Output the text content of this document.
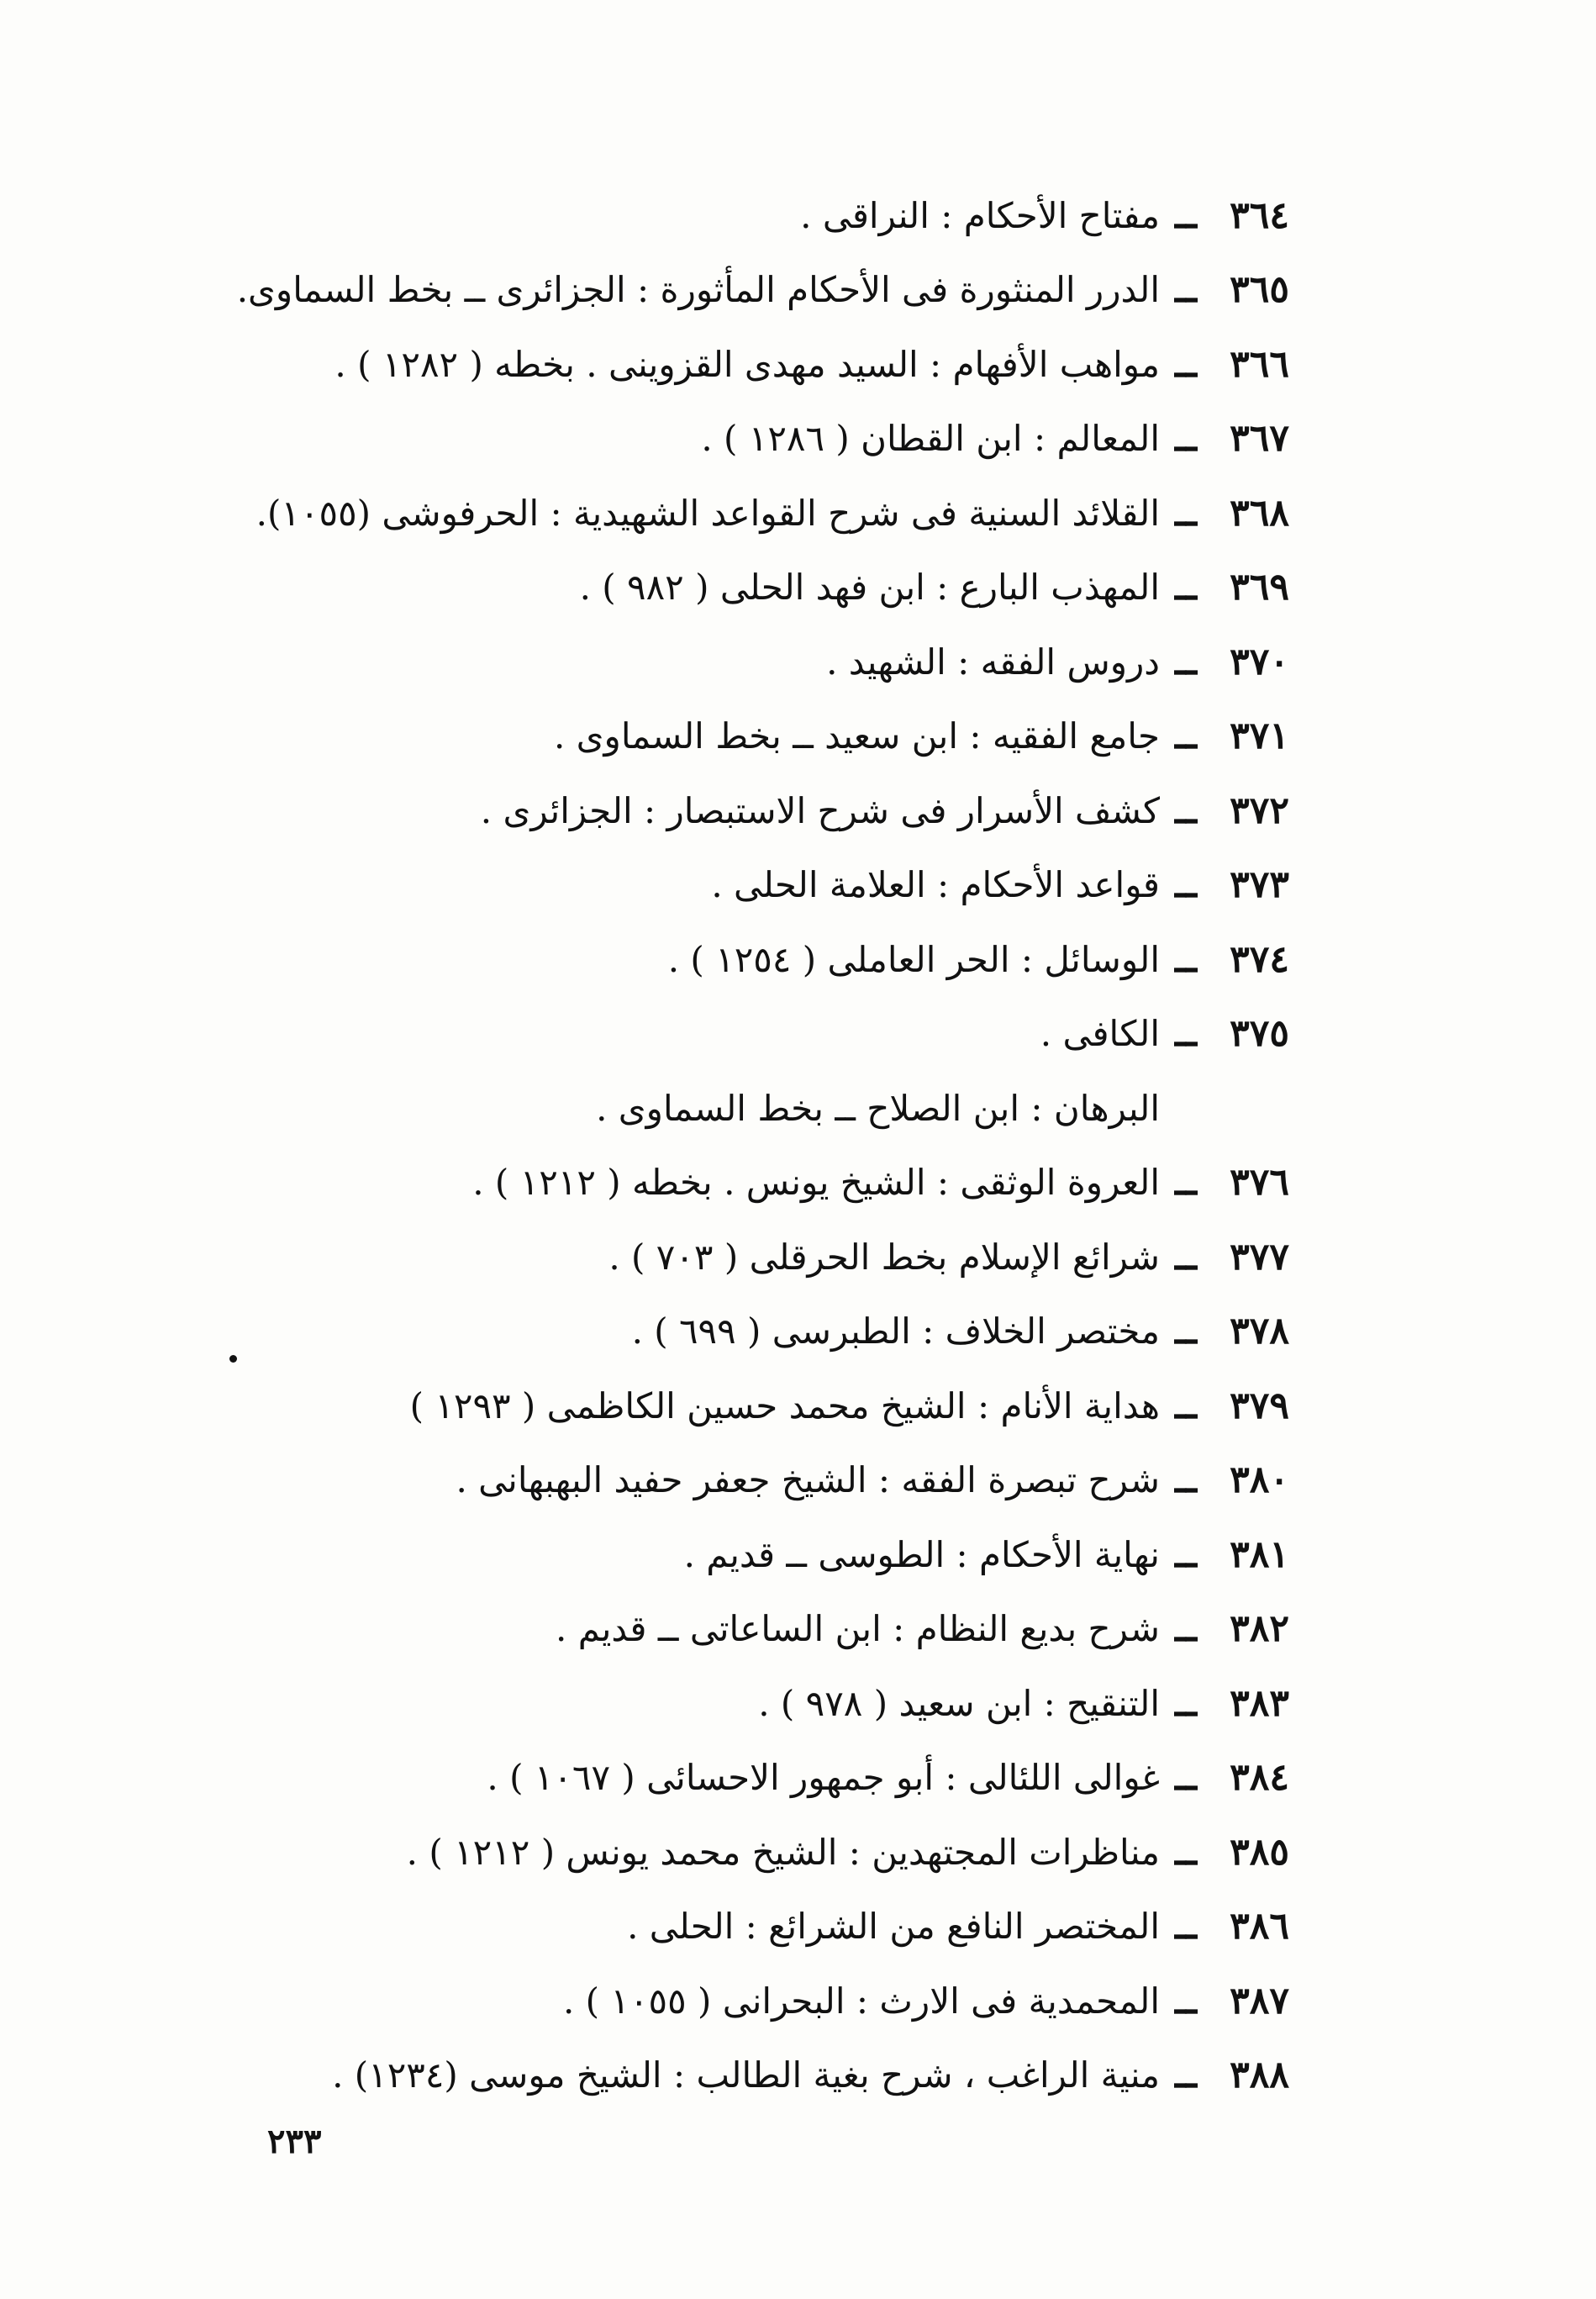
٣٦٤
ــ
مفتاح الأحكام : النراقى .
٣٦٥
ــ
الدرر المنثورة فى الأحكام المأثورة : الجزائرى ــ بخط السماوى.
٣٦٦
ــ
مواهب الأفهام : السيد مهدى القزوينى . بخطه ( ١٢٨٢ ) .
٣٦٧
ــ
المعالم : ابن القطان ( ١٢٨٦ ) .
٣٦٨
ــ
القلائد السنية فى شرح القواعد الشهيدية : الحرفوشى (١٠٥٥).
٣٦٩
ــ
المهذب البارع : ابن فهد الحلى ( ٩٨٢ ) .
٣٧٠
ــ
دروس الفقه : الشهيد .
٣٧١
ــ
جامع الفقيه : ابن سعيد ــ بخط السماوى .
٣٧٢
ــ
كشف الأسرار فى شرح الاستبصار : الجزائرى .
٣٧٣
ــ
قواعد الأحكام : العلامة الحلى .
٣٧٤
ــ
الوسائل : الحر العاملى ( ١٢٥٤ ) .
٣٧٥
ــ
الكافى .
البرهان : ابن الصلاح ــ بخط السماوى .
٣٧٦
ــ
العروة الوثقى : الشيخ يونس . بخطه ( ١٢١٢ ) .
٣٧٧
ــ
شرائع الإسلام بخط الحرقلى ( ٧٠٣ ) .
٣٧٨
ــ
مختصر الخلاف : الطبرسى ( ٦٩٩ ) .
٣٧٩
ــ
هداية الأنام : الشيخ محمد حسين الكاظمى ( ١٢٩٣ )
٣٨٠
ــ
شرح تبصرة الفقه : الشيخ جعفر حفيد البهبهانى .
٣٨١
ــ
نهاية الأحكام : الطوسى ــ قديم .
٣٨٢
ــ
شرح بديع النظام : ابن الساعاتى ــ قديم .
٣٨٣
ــ
التنقيح : ابن سعيد ( ٩٧٨ ) .
٣٨٤
ــ
غوالى اللئالى : أبو جمهور الاحسائى ( ١٠٦٧ ) .
٣٨٥
ــ
مناظرات المجتهدين : الشيخ محمد يونس ( ١٢١٢ ) .
٣٨٦
ــ
المختصر النافع من الشرائع : الحلى .
٣٨٧
ــ
المحمدية فى الارث : البحرانى ( ١٠٥٥ ) .
٣٨٨
ــ
منية الراغب ، شرح بغية الطالب : الشيخ موسى (١٢٣٤) .
٢٣٣
